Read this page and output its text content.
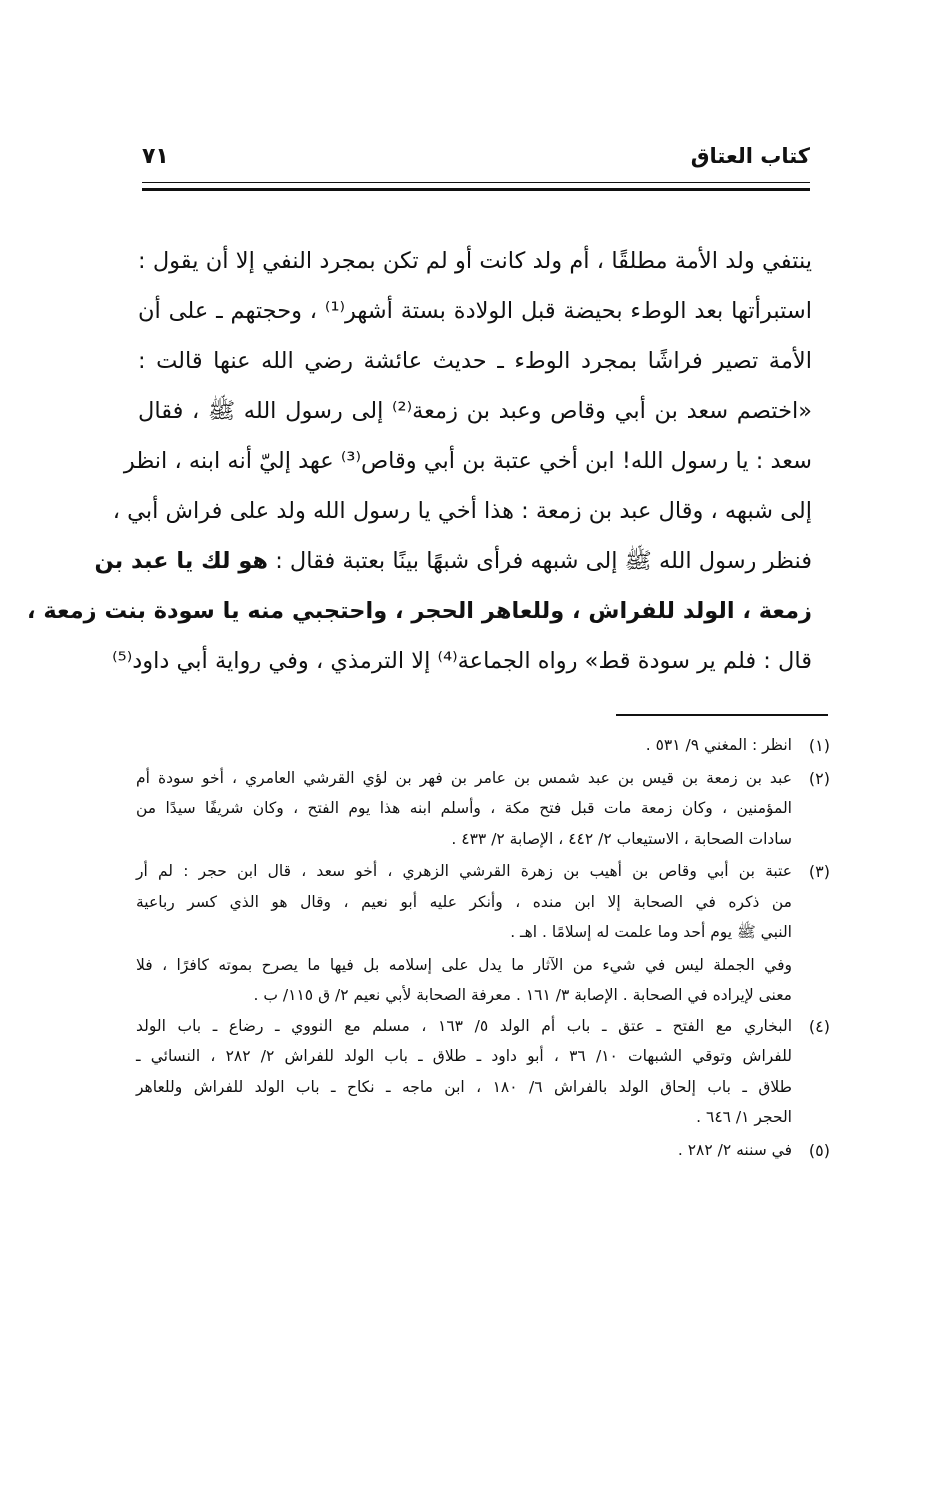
كتاب العتاق
٧١
ينتفي ولد الأمة مطلقًا ، أم ولد كانت أو لم تكن بمجرد النفي إلا أن يقول :
استبرأتها بعد الوطء بحيضة قبل الولادة بستة أشهر⁽¹⁾ ، وحجتهم ـ على أن
الأمة تصير فراشًا بمجرد الوطء ـ حديث عائشة رضي الله عنها قالت :
«اختصم سعد بن أبي وقاص وعبد بن زمعة⁽²⁾ إلى رسول الله ﷺ ، فقال
سعد : يا رسول الله! ابن أخي عتبة بن أبي وقاص⁽³⁾ عهد إليّ أنه ابنه ، انظر
إلى شبهه ، وقال عبد بن زمعة : هذا أخي يا رسول الله ولد على فراش أبي ،
فنظر رسول الله ﷺ إلى شبهه فرأى شبهًا بينًا بعتبة فقال : هو لك يا عبد بن
زمعة ، الولد للفراش ، وللعاهر الحجر ، واحتجبي منه يا سودة بنت زمعة ،
قال : فلم ير سودة قط» رواه الجماعة⁽⁴⁾ إلا الترمذي ، وفي رواية أبي داود⁽⁵⁾
(١)
انظر : المغني ٩/ ٥٣١ .
(٢)
عبد بن زمعة بن قيس بن عبد شمس بن عامر بن فهر بن لؤي القرشي العامري ، أخو سودة أم
المؤمنين ، وكان زمعة مات قبل فتح مكة ، وأسلم ابنه هذا يوم الفتح ، وكان شريفًا سيدًا من
سادات الصحابة ، الاستيعاب ٢/ ٤٤٢ ، الإصابة ٢/ ٤٣٣ .
(٣)
عتبة بن أبي وقاص بن أهيب بن زهرة القرشي الزهري ، أخو سعد ، قال ابن حجر : لم أر
من ذكره في الصحابة إلا ابن منده ، وأنكر عليه أبو نعيم ، وقال هو الذي كسر رباعية
النبي ﷺ يوم أحد وما علمت له إسلامًا . اهـ .
وفي الجملة ليس في شيء من الآثار ما يدل على إسلامه بل فيها ما يصرح بموته كافرًا ، فلا
معنى لإيراده في الصحابة . الإصابة ٣/ ١٦١ . معرفة الصحابة لأبي نعيم ٢/ ق ١١٥/ ب .
(٤)
البخاري مع الفتح ـ عتق ـ باب أم الولد ٥/ ١٦٣ ، مسلم مع النووي ـ رضاع ـ باب الولد
للفراش وتوقي الشبهات ١٠/ ٣٦ ، أبو داود ـ طلاق ـ باب الولد للفراش ٢/ ٢٨٢ ، النسائي ـ
طلاق ـ باب إلحاق الولد بالفراش ٦/ ١٨٠ ، ابن ماجه ـ نكاح ـ باب الولد للفراش وللعاهر
الحجر ١/ ٦٤٦ .
(٥)
في سننه ٢/ ٢٨٢ .
